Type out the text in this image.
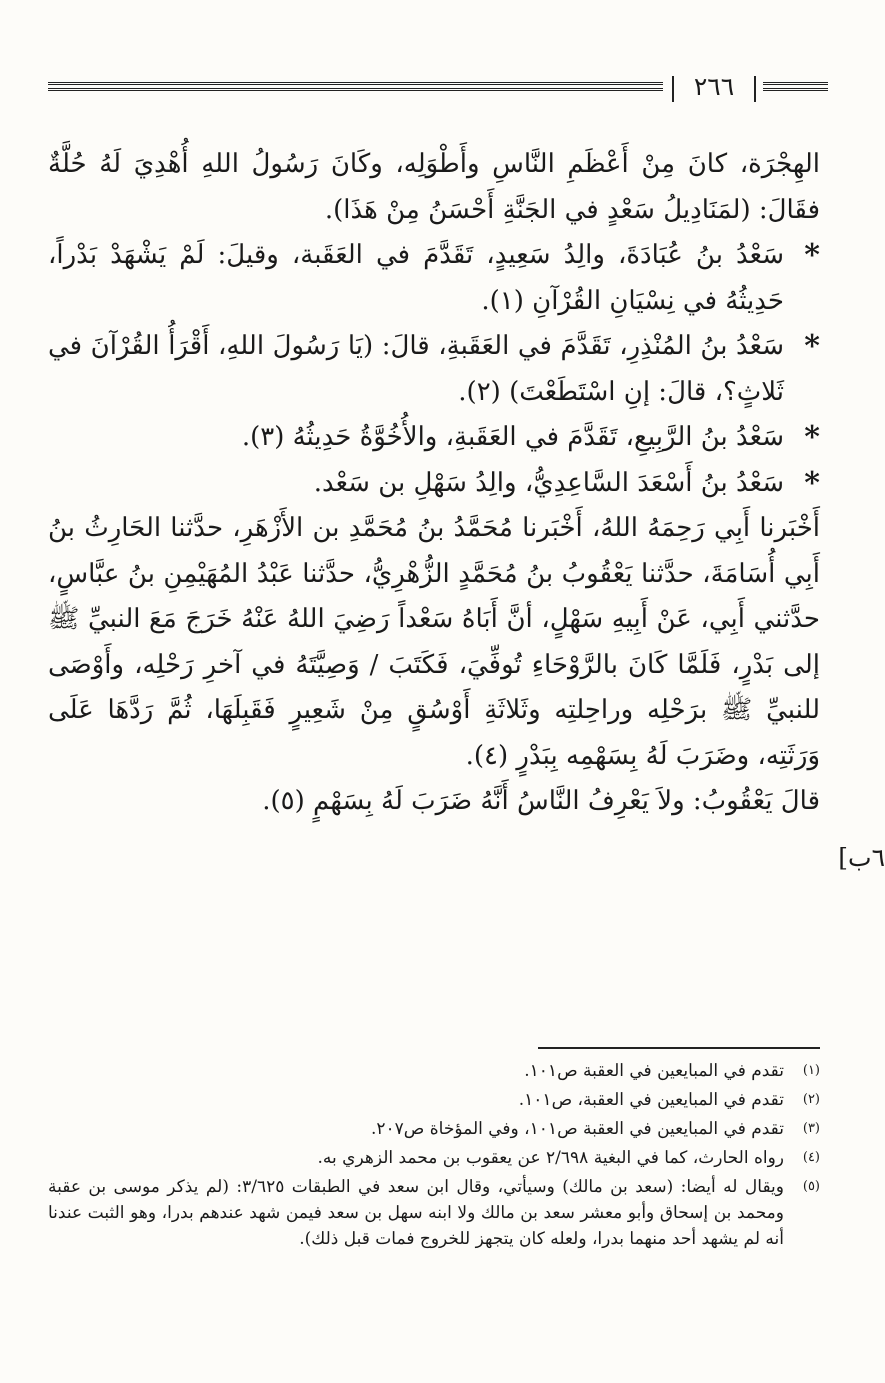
٢٦٦

الهِجْرَة، كانَ مِنْ أَعْظَمِ النَّاسِ وأَطْوَلِه، وكَانَ رَسُولُ اللهِ أُهْدِيَ لَهُ حُلَّةٌ فقَالَ: (لمَنَادِيلُ سَعْدٍ في الجَنَّةِ أَحْسَنُ مِنْ هَذَا).

*
سَعْدُ بنُ عُبَادَةَ، والِدُ سَعِيدٍ، تَقَدَّمَ في العَقَبة، وقيلَ: لَمْ يَشْهَدْ بَدْراً، حَدِيثُهُ في نِسْيَانِ القُرْآنِ (١).

*
سَعْدُ بنُ المُنْذِرِ، تَقَدَّمَ في العَقَبةِ، قالَ: (يَا رَسُولَ اللهِ، أَقْرَأُ القُرْآنَ في ثَلاثٍ؟، قالَ: إنِ اسْتَطَعْتَ) (٢).

*
سَعْدُ بنُ الرَّبِيعِ، تَقَدَّمَ في العَقَبةِ، والأُخُوَّةُ حَدِيثُهُ (٣).

*
سَعْدُ بنُ أَسْعَدَ السَّاعِدِيُّ، والِدُ سَهْلِ بن سَعْد.

أَخْبَرنا أَبِي رَحِمَهُ اللهُ، أَخْبَرنا مُحَمَّدُ بنُ مُحَمَّدِ بن الأَزْهَرِ، حدَّثنا الحَارِثُ بنُ أَبِي أُسَامَةَ، حدَّثنا يَعْقُوبُ بنُ مُحَمَّدٍ الزُّهْرِيُّ، حدَّثنا عَبْدُ المُهَيْمِنِ بنُ عبَّاسٍ، حدَّثني أَبِي، عَنْ أَبِيهِ سَهْلٍ، أنَّ أَبَاهُ سَعْداً رَضِيَ اللهُ عَنْهُ خَرَجَ مَعَ النبيِّ ﷺ إلى بَدْرٍ، فَلَمَّا كَانَ بالرَّوْحَاءِ تُوفِّيَ، فَكَتَبَ / وَصِيَّتَهُ في آخرِ رَحْلِه، وأَوْصَى للنبيِّ ﷺ برَحْلِه وراحِلتِه وثَلاثَةِ أَوْسُقٍ مِنْ شَعِيرٍ فَقَبِلَهَا، ثُمَّ رَدَّهَا عَلَى وَرَثَتِه، وضَرَبَ لَهُ بِسَهْمِه بِبَدْرٍ (٤).

قالَ يَعْقُوبُ: ولاَ يَعْرِفُ النَّاسُ أَنَّهُ ضَرَبَ لَهُ بِسَهْمٍ (٥).

٦ب]
(١)
تقدم في المبايعين في العقبة ص١٠١.
(٢)
تقدم في المبايعين في العقبة، ص١٠١.
(٣)
تقدم في المبايعين في العقبة ص١٠١، وفي المؤخاة ص٢٠٧.
(٤)
رواه الحارث، كما في البغية ٢/٦٩٨ عن يعقوب بن محمد الزهري به.
(٥)
ويقال له أيضا: (سعد بن مالك) وسيأتي، وقال ابن سعد في الطبقات ٣/٦٢٥: (لم يذكر موسى بن عقبة ومحمد بن إسحاق وأبو معشر سعد بن مالك ولا ابنه سهل بن سعد فيمن شهد عندهم بدرا، وهو الثبت عندنا أنه لم يشهد أحد منهما بدرا، ولعله كان يتجهز للخروج فمات قبل ذلك).
